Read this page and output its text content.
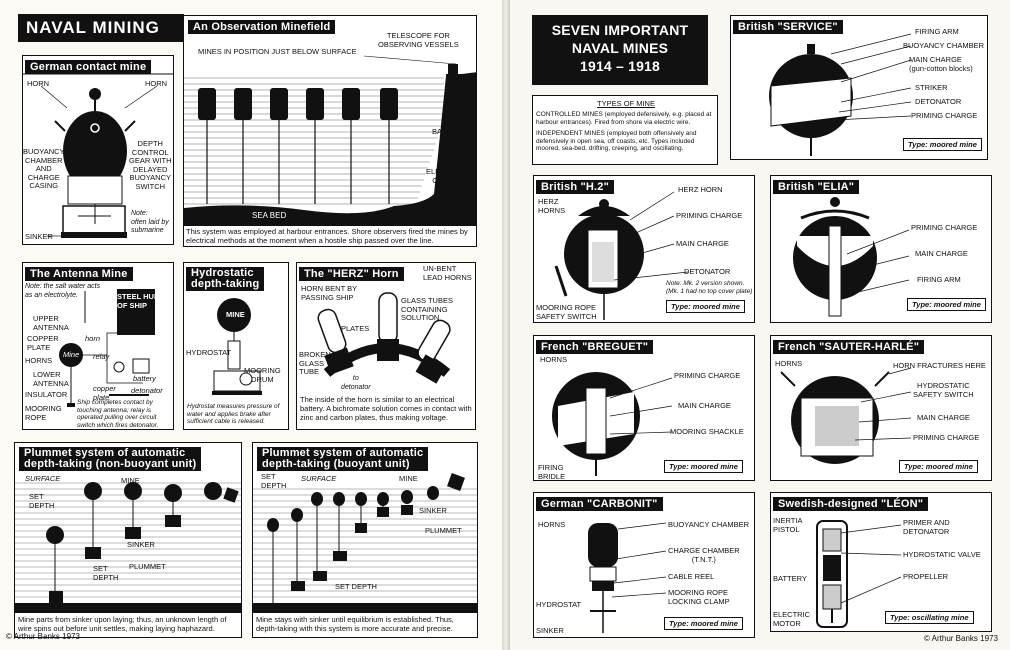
NAVAL MINING
German contact mine
HORN	HORN
BUOYANCY
CHAMBER
AND
CHARGE
CASING
DEPTH
CONTROL
GEAR WITH
DELAYED
BUOYANCY
SWITCH
Note:
often laid by
submarine
SINKER
An Observation Minefield
MINES IN POSITION JUST BELOW SURFACE
TELESCOPE FOR
OBSERVING VESSELS
BATTERY
ELECTRIC
CABLE
SEA BED
This system was employed at harbour entrances. Shore observers fired the mines by electrical methods at the moment when a hostile ship passed over the line.
The Antenna Mine
Note: the salt water acts
as an electrolyte.	STEEL HULL
OF SHIP
contact
UPPER
ANTENNA
COPPER
PLATE
horn
relay
battery
HORNS
Mine
LOWER
ANTENNA
INSULATOR
copper
plate
detonator
MOORING
ROPE
Ship completes contact by touching antenna; relay is operated pulling over circuit switch which fires detonator.
Hydrostatic
depth-taking
MINE
HYDROSTAT
MOORING
DRUM
Hydrostat measures pressure of water and applies brake after sufficient cable is released.
The "HERZ" Horn	UN-BENT
LEAD HORNS
HORN BENT BY
PASSING SHIP	GLASS TUBES
CONTAINING
SOLUTION
PLATES
BROKEN
GLASS
TUBE
to
detonator
The inside of the horn is similar to an electrical battery. A bichromate solution comes in contact with zinc and carbon plates, thus making voltage.
Plummet system of automatic
depth-taking (non-buoyant unit)
SURFACE
SET
DEPTH
MINE
SINKER
SET
DEPTH
PLUMMET
Mine parts from sinker upon laying; thus, an unknown length of wire spins out before unit settles, making laying haphazard.
Plummet system of automatic
depth-taking (buoyant unit)
SET
DEPTH
SURFACE	MINE
SINKER
PLUMMET
SET DEPTH
Mine stays with sinker until equilibrium is established. Thus, depth-taking with this system is more accurate and precise.
© Arthur Banks 1973
SEVEN IMPORTANT
NAVAL MINES
1914 – 1918
TYPES OF MINE
CONTROLLED MINES (employed defensively, e.g. placed at harbour entrances). Fired from shore via electric wire.
INDEPENDENT MINES (employed both offensively and defensively in open sea, off coasts, etc. Types included moored, sea-bed, drifting, creeping, and oscillating.
British "SERVICE"	FIRING ARM
BUOYANCY CHAMBER
MAIN CHARGE
(gun-cotton blocks)
STRIKER
DETONATOR
PRIMING CHARGE
Type: moored mine
British "H.2"
HERZ
HORNS
HERZ HORN
PRIMING CHARGE
MAIN CHARGE
DETONATOR
Note: Mk. 2 version shown.
(Mk. 1 had no top cover plate)
MOORING ROPE
SAFETY SWITCH
Type: moored mine
British "ELIA"
PRIMING CHARGE
MAIN CHARGE
FIRING ARM
Type: moored mine
French "BREGUET"
HORNS
PRIMING CHARGE
MAIN CHARGE
MOORING SHACKLE
FIRING
BRIDLE
Type: moored mine
French "SAUTER-HARLÉ"
HORNS	HORN FRACTURES HERE
HYDROSTATIC
SAFETY SWITCH
MAIN CHARGE
PRIMING CHARGE
Type: moored mine
German "CARBONIT"
HORNS	BUOYANCY CHAMBER
CHARGE CHAMBER
(T.N.T.)
CABLE REEL
HYDROSTAT
MOORING ROPE
LOCKING CLAMP
SINKER
Type: moored mine
Swedish-designed "LÉON"
INERTIA
PISTOL
PRIMER AND
DETONATOR
HYDROSTATIC VALVE
BATTERY	PROPELLER
ELECTRIC
MOTOR
Type: oscillating mine
© Arthur Banks 1973
